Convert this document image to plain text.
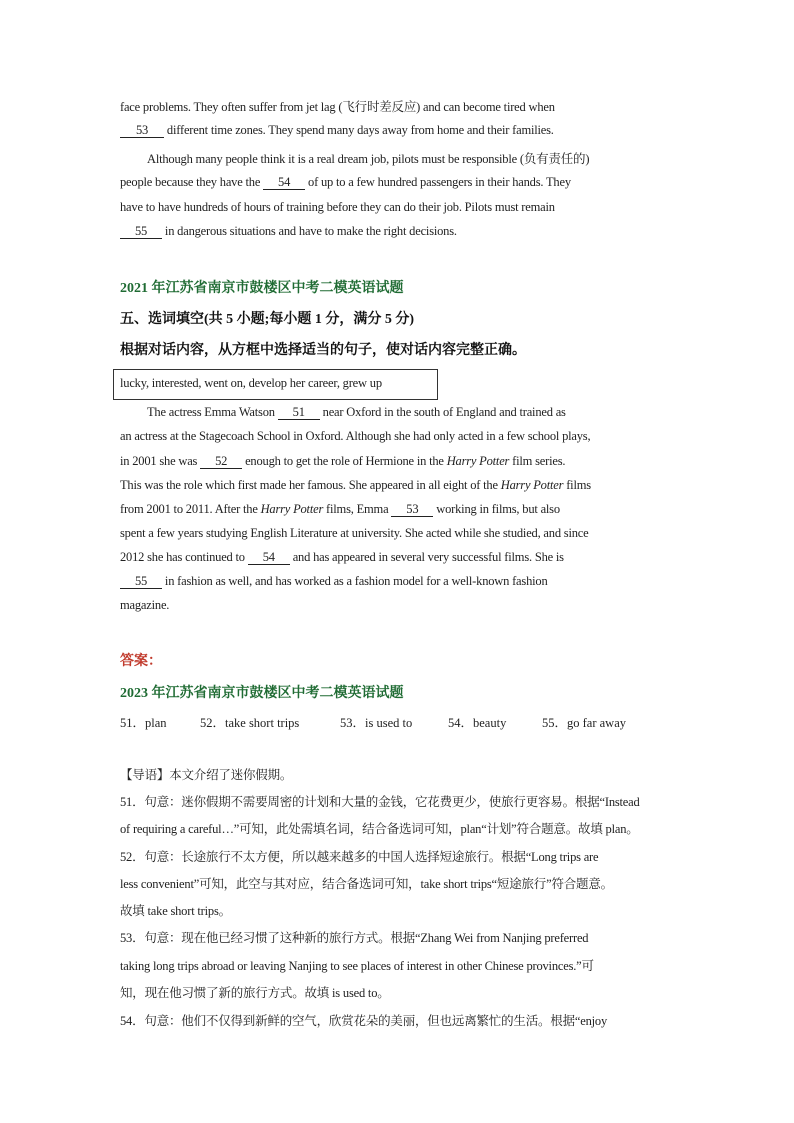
face problems. They often suffer from jet lag (飞行时差反应) and can become tired when
53 different time zones. They spend many days away from home and their families.
Although many people think it is a real dream job, pilots must be responsible (负有责任的)
people because they have the 54 of up to a few hundred passengers in their hands. They
have to have hundreds of hours of training before they can do their job. Pilots must remain
55 in dangerous situations and have to make the right decisions.
2021 年江苏省南京市鼓楼区中考二模英语试题
五、选词填空(共 5 小题;每小题 1 分，满分 5 分)
根据对话内容，从方框中选择适当的句子，使对话内容完整正确。
lucky, interested, went on, develop her career, grew up
The actress Emma Watson 51 near Oxford in the south of England and trained as
an actress at the Stagecoach School in Oxford. Although she had only acted in a few school plays,
in 2001 she was 52 enough to get the role of Hermione in the Harry Potter film series.
This was the role which first made her famous. She appeared in all eight of the Harry Potter films
from 2001 to 2011. After the Harry Potter films, Emma 53 working in films, but also
spent a few years studying English Literature at university. She acted while she studied, and since
2012 she has continued to 54 and has appeared in several very successful films. She is
55 in fashion as well, and has worked as a fashion model for a well-known fashion
magazine.
答案：
2023 年江苏省南京市鼓楼区中考二模英语试题
51．plan	52．take short trips	53．is used to	54．beauty	55．go far away
【导语】本文介绍了迷你假期。
51．句意：迷你假期不需要周密的计划和大量的金钱，它花费更少，使旅行更容易。根据“Instead
of requiring a careful…”可知，此处需填名词，结合备选词可知，plan“计划”符合题意。故填 plan。
52．句意：长途旅行不太方便，所以越来越多的中国人选择短途旅行。根据“Long trips are
less convenient”可知，此空与其对应，结合备选词可知，take short trips“短途旅行”符合题意。
故填 take short trips。
53．句意：现在他已经习惯了这种新的旅行方式。根据“Zhang Wei from Nanjing preferred
taking long trips abroad or leaving Nanjing to see places of interest in other Chinese provinces.”可
知，现在他习惯了新的旅行方式。故填 is used to。
54．句意：他们不仅得到新鲜的空气，欣赏花朵的美丽，但也远离繁忙的生活。根据“enjoy
